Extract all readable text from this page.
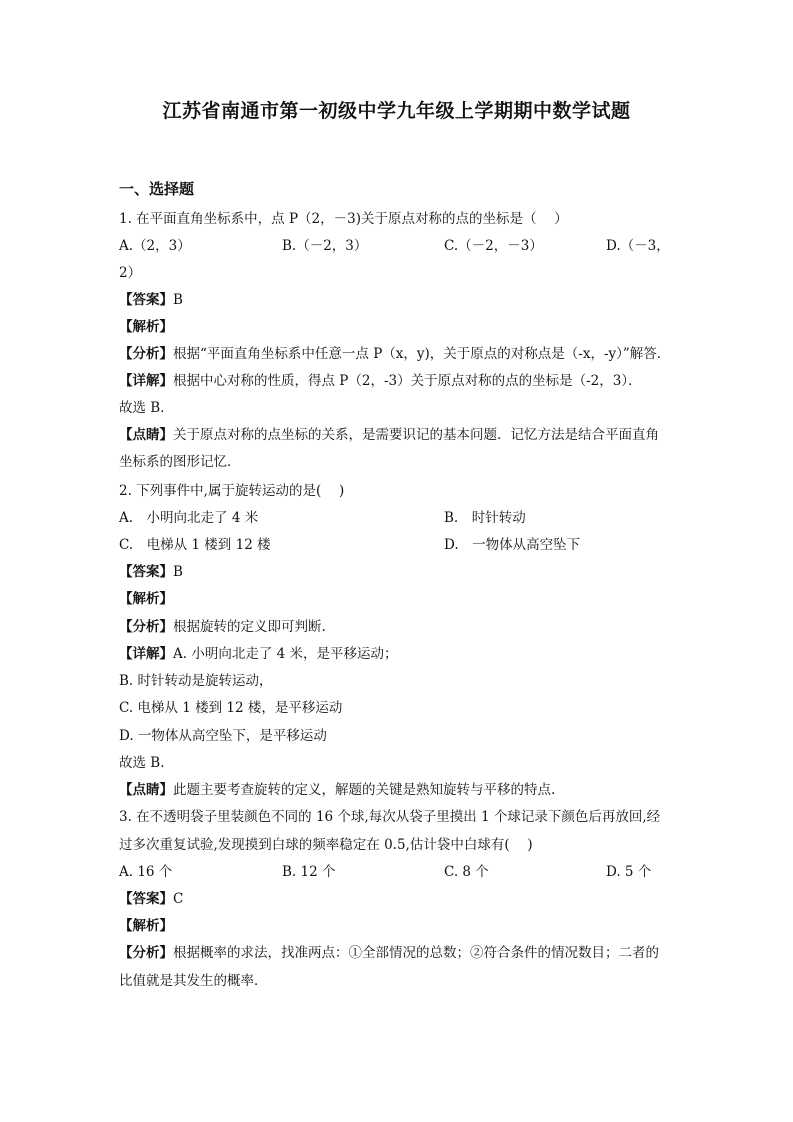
江苏省南通市第一初级中学九年级上学期期中数学试题
一、选择题
1. 在平面直角坐标系中，点 P（2，－3)关于原点对称的点的坐标是（　 ）
A.（2，3）	B.（－2，3）	C.（－2，－3）	D.（－3，
2）
【答案】B
【解析】
【分析】根据“平面直角坐标系中任意一点 P（x，y)，关于原点的对称点是（-x，-y）”解答．
【详解】根据中心对称的性质，得点 P（2，-3）关于原点对称的点的坐标是（-2，3）．
故选 B．
【点睛】关于原点对称的点坐标的关系，是需要识记的基本问题．记忆方法是结合平面直角
坐标系的图形记忆．
2. 下列事件中,属于旋转运动的是(　 )
A.　小明向北走了 4 米	B.　时针转动
C.　电梯从 1 楼到 12 楼	D.　一物体从高空坠下
【答案】B
【解析】
【分析】根据旋转的定义即可判断.
【详解】A. 小明向北走了 4 米，是平移运动；
B. 时针转动是旋转运动，
C. 电梯从 1 楼到 12 楼，是平移运动
D. 一物体从高空坠下，是平移运动
故选 B.
【点睛】此题主要考查旋转的定义，解题的关键是熟知旋转与平移的特点.
3. 在不透明袋子里装颜色不同的 16 个球,每次从袋子里摸出 1 个球记录下颜色后再放回,经
过多次重复试验,发现摸到白球的频率稳定在 0.5,估计袋中白球有(　 )
A. 16 个	B. 12 个	C. 8 个	D. 5 个
【答案】C
【解析】
【分析】根据概率的求法，找准两点：①全部情况的总数；②符合条件的情况数目；二者的
比值就是其发生的概率．
